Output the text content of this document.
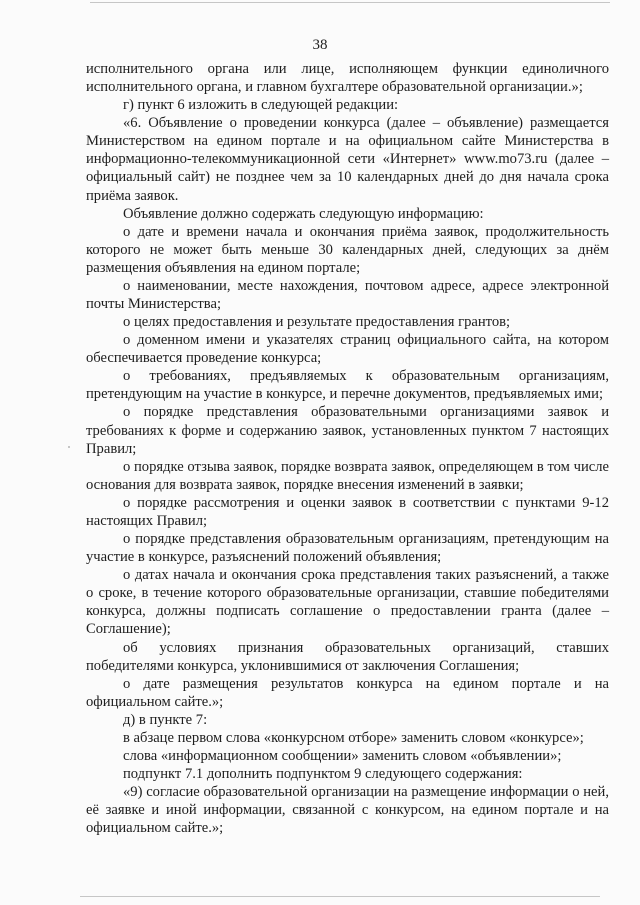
38

исполнительного органа или лице, исполняющем функции единоличного исполнительного органа, и главном бухгалтере образовательной организации.»;

г) пункт 6 изложить в следующей редакции:

«6. Объявление о проведении конкурса (далее – объявление) размещается Министерством на едином портале и на официальном сайте Министерства в информационно-телекоммуникационной сети «Интернет» www.mo73.ru (далее – официальный сайт) не позднее чем за 10 календарных дней до дня начала срока приёма заявок.

Объявление должно содержать следующую информацию:

о дате и времени начала и окончания приёма заявок, продолжительность которого не может быть меньше 30 календарных дней, следующих за днём размещения объявления на едином портале;

о наименовании, месте нахождения, почтовом адресе, адресе электронной почты Министерства;

о целях предоставления и результате предоставления грантов;

о доменном имени и указателях страниц официального сайта, на котором обеспечивается проведение конкурса;

о требованиях, предъявляемых к образовательным организациям, претендующим на участие в конкурсе, и перечне документов, предъявляемых ими;

о порядке представления образовательными организациями заявок и требованиях к форме и содержанию заявок, установленных пунктом 7 настоящих Правил;

о порядке отзыва заявок, порядке возврата заявок, определяющем в том числе основания для возврата заявок, порядке внесения изменений в заявки;

о порядке рассмотрения и оценки заявок в соответствии с пунктами 9-12 настоящих Правил;

о порядке представления образовательным организациям, претендующим на участие в конкурсе, разъяснений положений объявления;

о датах начала и окончания срока представления таких разъяснений, а также о сроке, в течение которого образовательные организации, ставшие победителями конкурса, должны подписать соглашение о предоставлении гранта (далее – Соглашение);

об условиях признания образовательных организаций, ставших победителями конкурса, уклонившимися от заключения Соглашения;

о дате размещения результатов конкурса на едином портале и на официальном сайте.»;

д) в пункте 7:

в абзаце первом слова «конкурсном отборе» заменить словом «конкурсе»;

слова «информационном сообщении» заменить словом «объявлении»;

подпункт 7.1 дополнить подпунктом 9 следующего содержания:

«9) согласие образовательной организации на размещение информации о ней, её заявке и иной информации, связанной с конкурсом, на едином портале и на официальном сайте.»;
